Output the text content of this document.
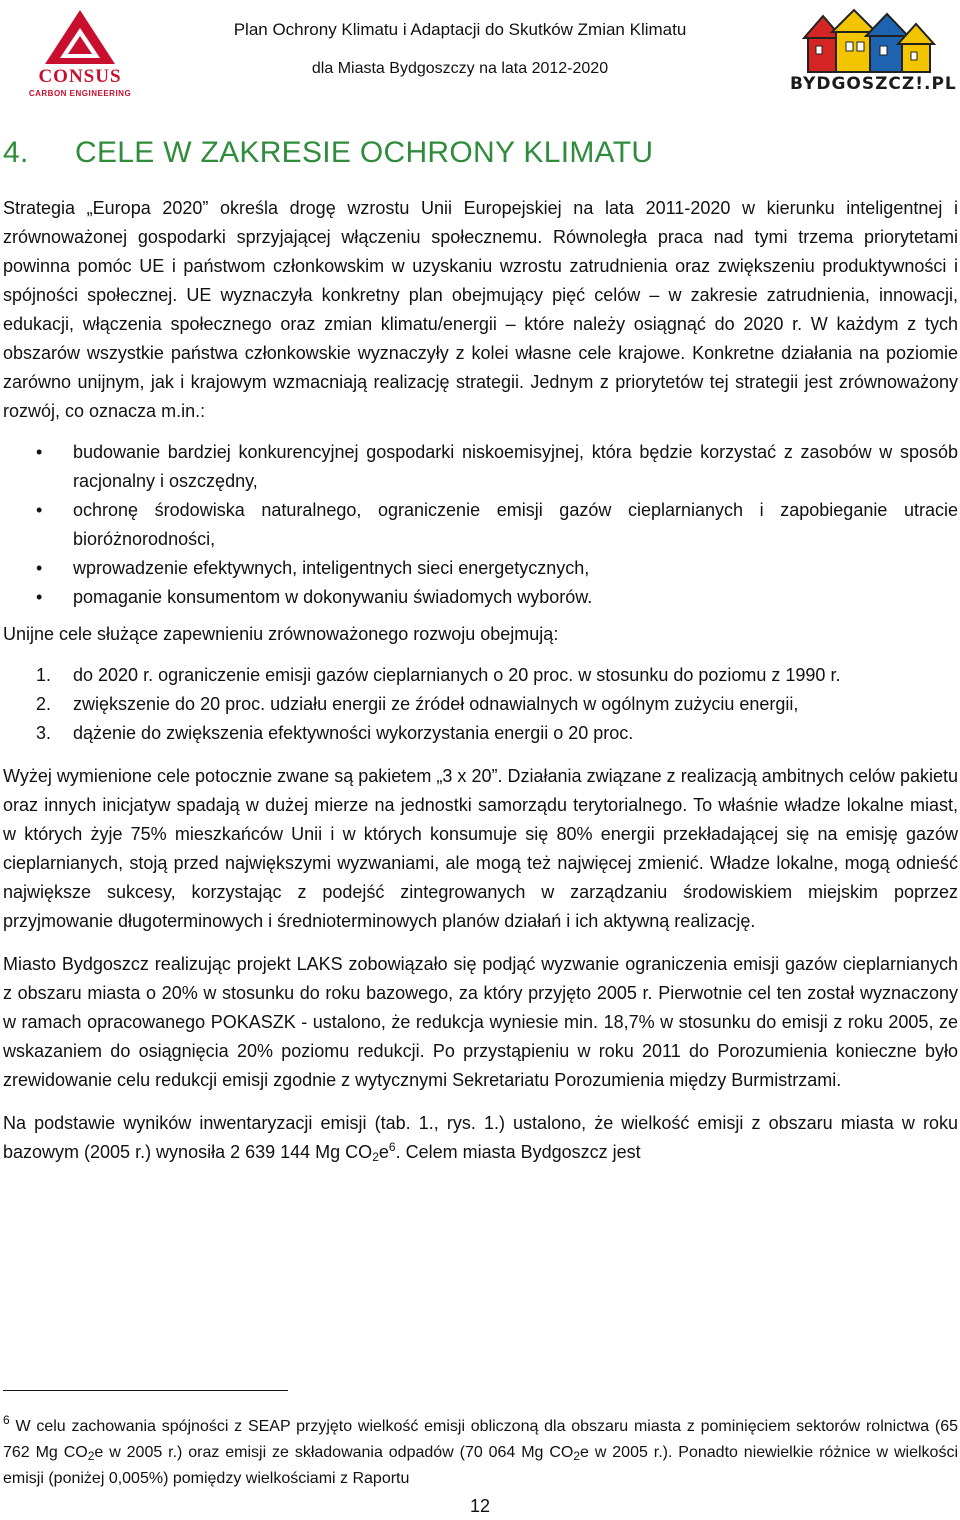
CONSUS
CARBON ENGINEERING
Plan Ochrony Klimatu i Adaptacji do Skutków Zmian Klimatu
dla Miasta Bydgoszczy na lata 2012-2020
BYDGOSZCZ!.PL
4. CELE W ZAKRESIE OCHRONY KLIMATU

Strategia „Europa 2020” określa drogę wzrostu Unii Europejskiej na lata 2011-2020 w kierunku inteligentnej i zrównoważonej gospodarki sprzyjającej włączeniu społecznemu. Równoległa praca nad tymi trzema priorytetami powinna pomóc UE i państwom członkowskim w uzyskaniu wzrostu zatrudnienia oraz zwiększeniu produktywności i spójności społecznej. UE wyznaczyła konkretny plan obejmujący pięć celów – w zakresie zatrudnienia, innowacji, edukacji, włączenia społecznego oraz zmian klimatu/energii – które należy osiągnąć do 2020 r. W każdym z tych obszarów wszystkie państwa członkowskie wyznaczyły z kolei własne cele krajowe. Konkretne działania na poziomie zarówno unijnym, jak i krajowym wzmacniają realizację strategii. Jednym z priorytetów tej strategii jest zrównoważony rozwój, co oznacza m.in.:

• budowanie bardziej konkurencyjnej gospodarki niskoemisyjnej, która będzie korzystać z zasobów w sposób racjonalny i oszczędny,
• ochronę środowiska naturalnego, ograniczenie emisji gazów cieplarnianych i zapobieganie utracie bioróżnorodności,
• wprowadzenie efektywnych, inteligentnych sieci energetycznych,
• pomaganie konsumentom w dokonywaniu świadomych wyborów.

Unijne cele służące zapewnieniu zrównoważonego rozwoju obejmują:

1. do 2020 r. ograniczenie emisji gazów cieplarnianych o 20 proc. w stosunku do poziomu z 1990 r.
2. zwiększenie do 20 proc. udziału energii ze źródeł odnawialnych w ogólnym zużyciu energii,
3. dążenie do zwiększenia efektywności wykorzystania energii o 20 proc.

Wyżej wymienione cele potocznie zwane są pakietem „3 x 20”. Działania związane z realizacją ambitnych celów pakietu oraz innych inicjatyw spadają w dużej mierze na jednostki samorządu terytorialnego. To właśnie władze lokalne miast, w których żyje 75% mieszkańców Unii i w których konsumuje się 80% energii przekładającej się na emisję gazów cieplarnianych, stoją przed największymi wyzwaniami, ale mogą też najwięcej zmienić. Władze lokalne, mogą odnieść największe sukcesy, korzystając z podejść zintegrowanych w zarządzaniu środowiskiem miejskim poprzez przyjmowanie długoterminowych i średnioterminowych planów działań i ich aktywną realizację.

Miasto Bydgoszcz realizując projekt LAKS zobowiązało się podjąć wyzwanie ograniczenia emisji gazów cieplarnianych z obszaru miasta o 20% w stosunku do roku bazowego, za który przyjęto 2005 r. Pierwotnie cel ten został wyznaczony w ramach opracowanego POKASZK - ustalono, że redukcja wyniesie min. 18,7% w stosunku do emisji z roku 2005, ze wskazaniem do osiągnięcia 20% poziomu redukcji. Po przystąpieniu w roku 2011 do Porozumienia konieczne było zrewidowanie celu redukcji emisji zgodnie z wytycznymi Sekretariatu Porozumienia między Burmistrzami.

Na podstawie wyników inwentaryzacji emisji (tab. 1., rys. 1.) ustalono, że wielkość emisji z obszaru miasta w roku bazowym (2005 r.) wynosiła 2 639 144 Mg $CO_2e^6$. Celem miasta Bydgoszcz jest

$^6$ W celu zachowania spójności z SEAP przyjęto wielkość emisji obliczoną dla obszaru miasta z pominięciem sektorów rolnictwa (65 762 Mg $CO_2e$ w 2005 r.) oraz emisji ze składowania odpadów (70 064 Mg $CO_2e$ w 2005 r.). Ponadto niewielkie różnice w wielkości emisji (poniżej 0,005%) pomiędzy wielkościami z Raportu
12
